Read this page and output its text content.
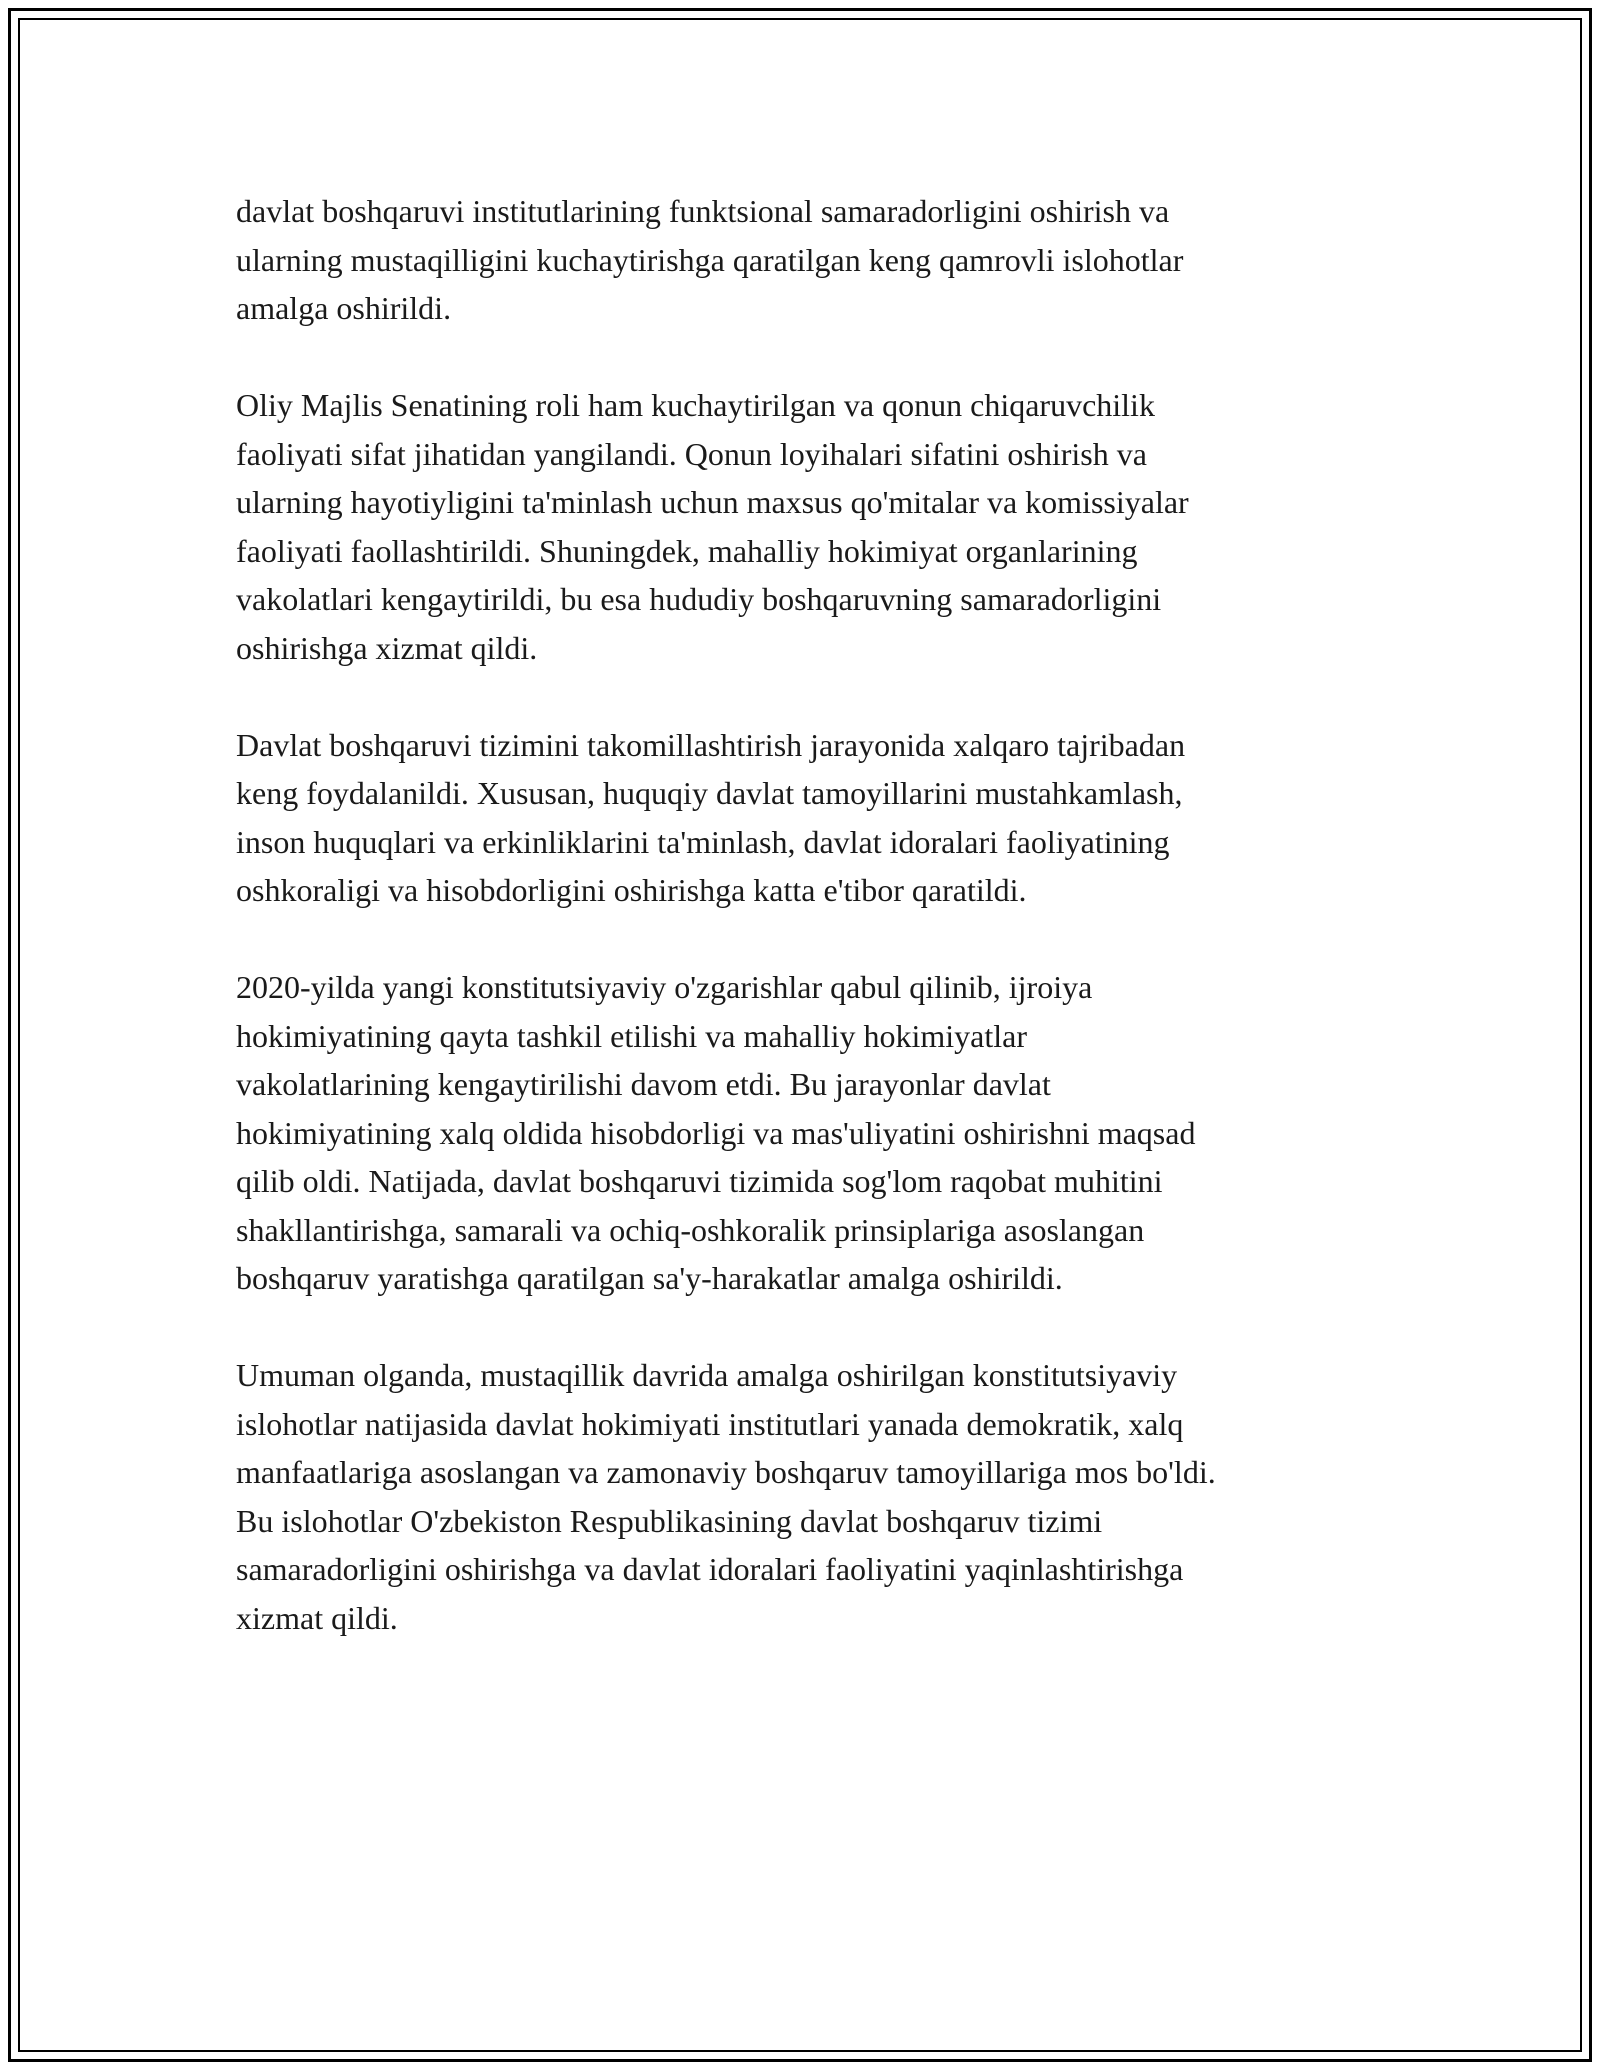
davlat boshqaruvi institutlarining funktsional samaradorligini oshirish va
ularning mustaqilligini kuchaytirishga qaratilgan keng qamrovli islohotlar
amalga oshirildi.

Oliy Majlis Senatining roli ham kuchaytirilgan va qonun chiqaruvchilik
faoliyati sifat jihatidan yangilandi. Qonun loyihalari sifatini oshirish va
ularning hayotiyligini ta'minlash uchun maxsus qo'mitalar va komissiyalar
faoliyati faollashtirildi. Shuningdek, mahalliy hokimiyat organlarining
vakolatlari kengaytirildi, bu esa hududiy boshqaruvning samaradorligini
oshirishga xizmat qildi.

Davlat boshqaruvi tizimini takomillashtirish jarayonida xalqaro tajribadan
keng foydalanildi. Xususan, huquqiy davlat tamoyillarini mustahkamlash,
inson huquqlari va erkinliklarini ta'minlash, davlat idoralari faoliyatining
oshkoraligi va hisobdorligini oshirishga katta e'tibor qaratildi.

2020-yilda yangi konstitutsiyaviy o'zgarishlar qabul qilinib, ijroiya
hokimiyatining qayta tashkil etilishi va mahalliy hokimiyatlar
vakolatlarining kengaytirilishi davom etdi. Bu jarayonlar davlat
hokimiyatining xalq oldida hisobdorligi va mas'uliyatini oshirishni maqsad
qilib oldi. Natijada, davlat boshqaruvi tizimida sog'lom raqobat muhitini
shakllantirishga, samarali va ochiq-oshkoralik prinsiplariga asoslangan
boshqaruv yaratishga qaratilgan sa'y-harakatlar amalga oshirildi.

Umuman olganda, mustaqillik davrida amalga oshirilgan konstitutsiyaviy
islohotlar natijasida davlat hokimiyati institutlari yanada demokratik, xalq
manfaatlariga asoslangan va zamonaviy boshqaruv tamoyillariga mos bo'ldi.
Bu islohotlar O'zbekiston Respublikasining davlat boshqaruv tizimi
samaradorligini oshirishga va davlat idoralari faoliyatini yaqinlashtirishga
xizmat qildi.
